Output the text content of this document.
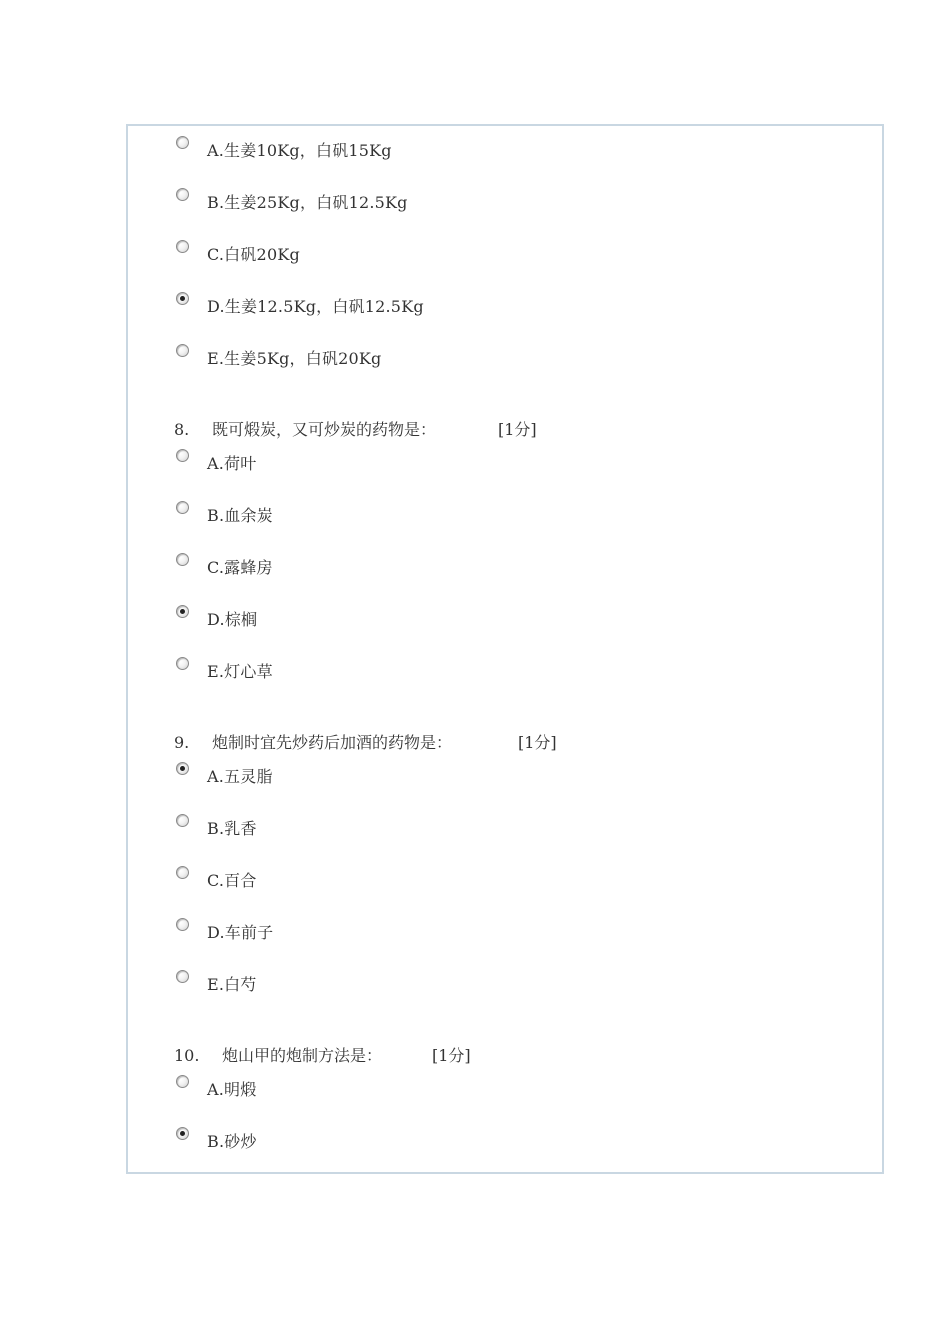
A.生姜10Kg，白矾15Kg
B.生姜25Kg，白矾12.5Kg
C.白矾20Kg
D.生姜12.5Kg，白矾12.5Kg
E.生姜5Kg，白矾20Kg
8.	既可煅炭，又可炒炭的药物是：	[1分]
A.荷叶
B.血余炭
C.露蜂房
D.棕榈
E.灯心草
9.	炮制时宜先炒药后加酒的药物是：	[1分]
A.五灵脂
B.乳香
C.百合
D.车前子
E.白芍
10.	炮山甲的炮制方法是：	[1分]
A.明煅
B.砂炒
